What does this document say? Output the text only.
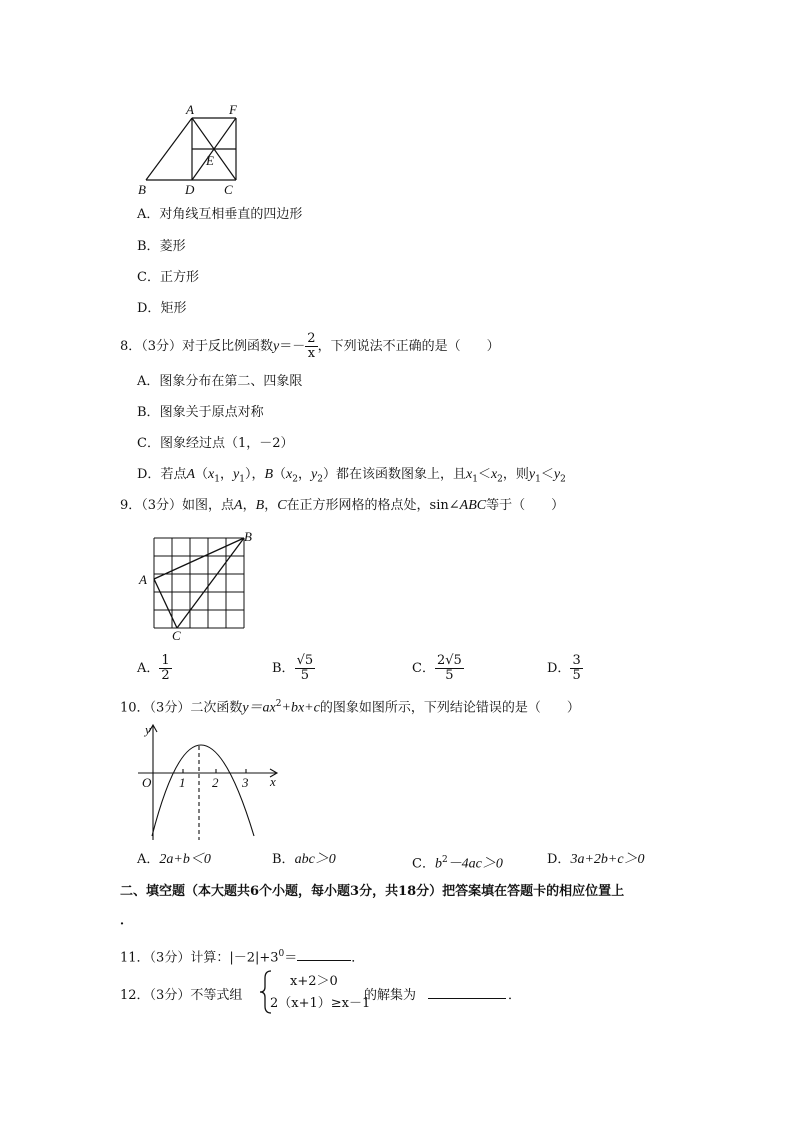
A	F
E
B	D C
A．对角线互相垂直的四边形
B．菱形
C．正方形
D．矩形
8．（3分）对于反比例函数$y=- \frac{2}{x}$ ，下列说法不正确的是（　　）
A．图象分布在第二、四象限
B．图象关于原点对称
C．图象经过点（1，－2）
D．若点$A(x_1$，$y_1$），$B(x_2$，$y_2$）都在该函数图象上，且$x_1<x_2$，则$y_1<y_2$
9．（3分）如图，点A，B，C在正方形网格的格点处，sin∠ABC等于（　　）
A
B
C
A． $\frac{1}{2}$	B． $\frac{√5}{5}$	C． $\frac{2√5}{5}$	D． $\frac{3}{5}$
10．（3分）二次函数$y=ax^2+bx+c$的图象如图所示，下列结论错误的是（　　）
y
x
O 1 2 3
A．2a+b＜0	B．abc＞0	C．$b^2-4ac>0$	D．3a+2b+c＞0
二、填空题（本大题共6个小题，每小题3分，共18分）把答案填在答题卡的相应位置上
．
11．（3分）计算：$|-2|+3^0=$	．
12．（3分）不等式组
x+2＞0
2（x+1）≥x－1
的解集为	．
